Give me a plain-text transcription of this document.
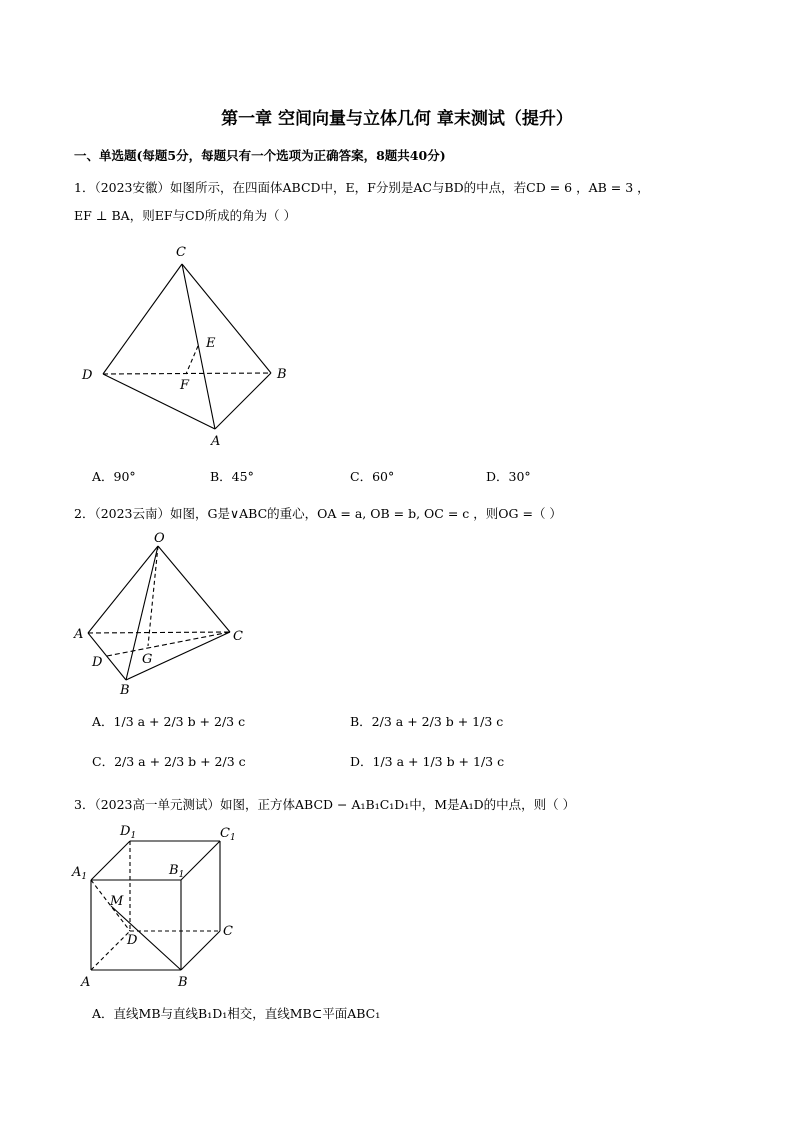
第一章 空间向量与立体几何 章末测试（提升）
一、单选题(每题5分，每题只有一个选项为正确答案，8题共40分)
1．（2023安徽）如图所示，在四面体ABCD中，E，F分别是AC与BD的中点，若CD = 6 ，AB = 3 ，
EF ⊥ BA，则EF与CD所成的角为（ ）
C
D	B
A
E
F
A．90°	B．45°	C．60°	D．30°
2．（2023云南）如图，G是∨ABC的重心，OA = a, OB = b, OC = c ，则OG =（ ）
O
A	C
D	G
B
A．1/3 a + 2/3 b + 2/3 c	B．2/3 a + 2/3 b + 1/3 c
C．2/3 a + 2/3 b + 2/3 c	D．1/3 a + 1/3 b + 1/3 c
3．（2023高一单元测试）如图，正方体ABCD − A₁B₁C₁D₁中，M是A₁D的中点，则（ ）
$D_1$	$C_1$
$A_1$	$B_1$
M
D
C
A	B
A．直线MB与直线B₁D₁相交，直线MB⊂平面ABC₁
